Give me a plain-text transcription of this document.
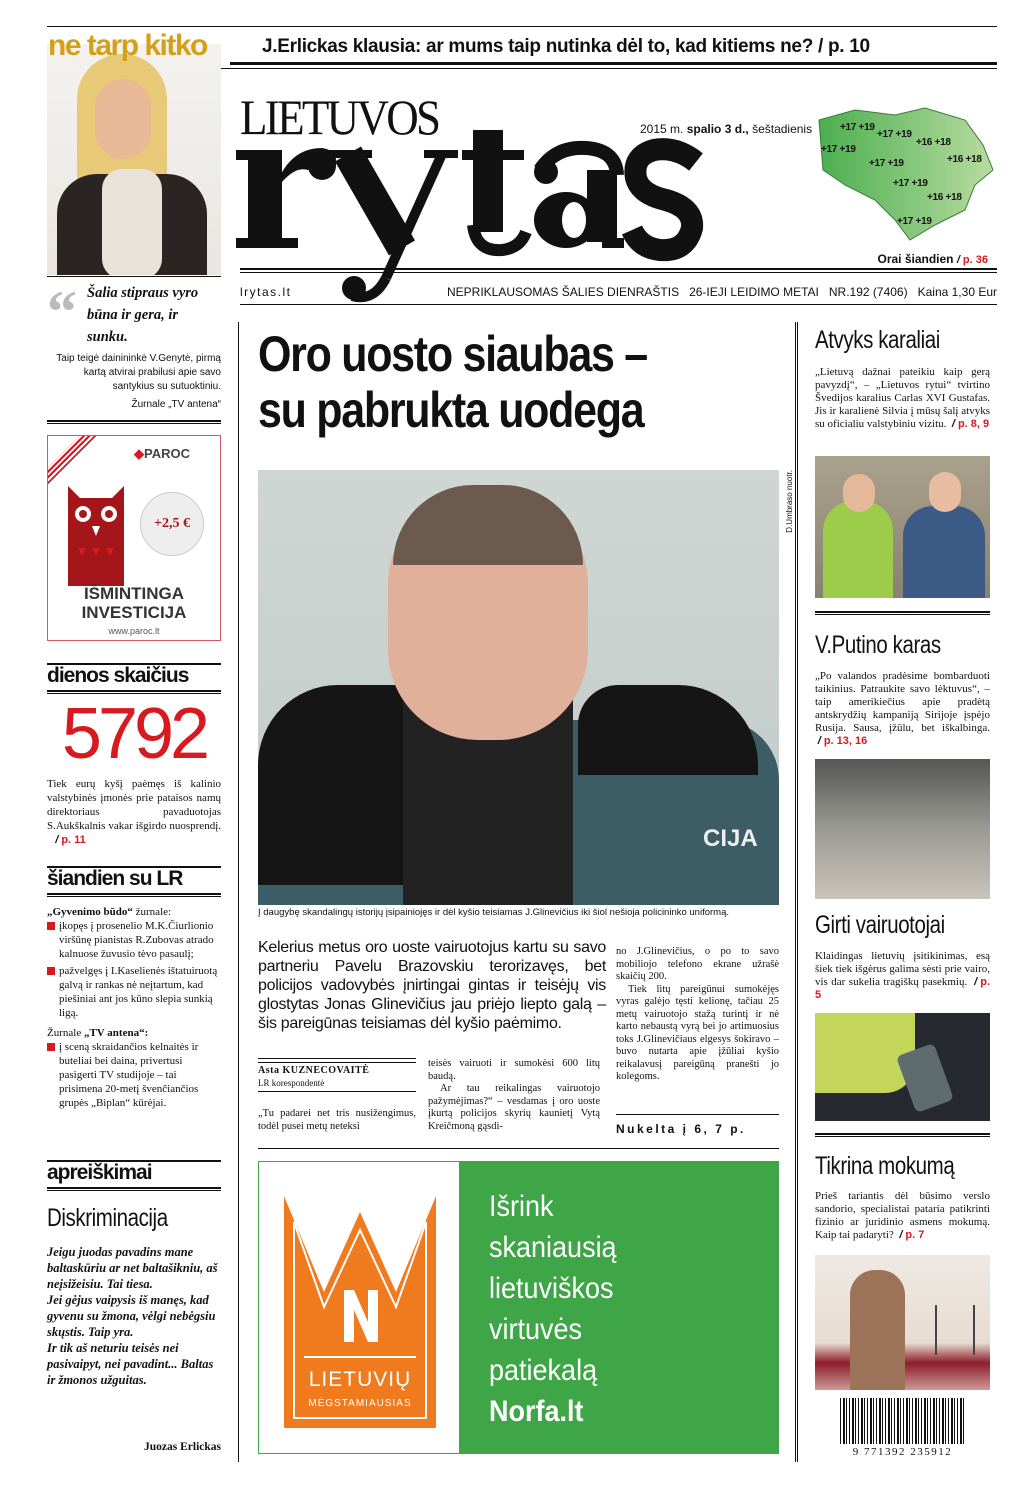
ne tarp kitko	J.Erlickas klausia: ar mums taip nutinka dėl to, kad kitiems ne? / p. 10
LIETUVOS	2015 m. spalio 3 d., šeštadienis	+17 +19
+17 +19
+16 +18
+17 +19
+16 +18
+17 +19
+17 +19
+16 +18
+17 +19
Orai šiandien / p. 36
lrytas.lt	NEPRIKLAUSOMAS ŠALIES DIENRAŠTIS 26-IEJI LEIDIMO METAI NR.192 (7406) Kaina 1,30 Eur
“ Šalia stipraus vyro būna ir gera, ir sunku.
Taip teigė dainininkė V.Genytė, pirmą kartą atvirai prabilusi apie savo santykius su sutuoktiniu.
Žurnale „TV antena“
◆PAROC
+2,5 €
IŠMINTINGA
INVESTICIJA
www.paroc.lt
dienos skaičius
5792
Tiek eurų kyšį paėmęs iš kalinio valstybinės įmonės prie pataisos namų direktoriaus pavaduotojas S.Aukškalnis vakar išgirdo nuosprendį.    / p. 11
šiandien su LR
„Gyvenimo būdo“ žurnale:
įkopęs į prosenelio M.K.Čiurlionio viršūnę pianistas R.Zubovas atrado kalnuose žuvusio tėvo pasaulį;
pažvelgęs į I.Kaselienės ištatuiruotą galvą ir rankas nė neįtartum, kad piešiniai ant jos kūno slepia sunkią ligą.
Žurnale „TV antena“:
į sceną skraidančios kelnaitės ir buteliai bei daina, privertusi pasigerti TV studijoje – tai prisimena 20-metį švenčiančios grupės „Biplan“ kūrėjai.
apreiškimai
Diskriminacija
Jeigu juodas pavadins mane baltaskūriu ar net baltašikniu, aš neįsižeisiu. Tai tiesa.
Jei gėjus vaipysis iš manęs, kad gyvenu su žmona, vėlgi nebėgsiu skųstis. Taip yra.
Ir tik aš neturiu teisės nei pasivaipyt, nei pavadint... Baltas ir žmonos užguitas.
Juozas Erlickas
Oro uosto siaubas –
su pabrukta uodega
CIJA
D.Umbraso nuotr.
Į daugybę skandalingų istorijų įsipainiojęs ir dėl kyšio teisiamas J.Glinevičius iki šiol nešioja policininko uniformą.
Kelerius metus oro uoste vairuotojus kartu su savo partneriu Pavelu Brazovskiu terorizavęs, bet policijos vadovybės įnirtingai gintas ir teisėjų vis glostytas Jonas Glinevičius jau priėjo liepto galą – šis pareigūnas teisiamas dėl kyšio paėmimo.
Asta KUZNECOVAITĖ
LR korespondentė
„Tu padarei net tris nusižengimus, todėl pusei metų neteksi
teisės vairuoti ir sumokėsi 600 litų baudą.
Ar tau reikalingas vairuotojo pažymėjimas?“ – vesdamas į oro uoste įkurtą policijos skyrių kaunietį Vytą Kreičmoną gąsdi-
no J.Glinevičius, o po to savo mobiliojo telefono ekrane užrašė skaičių 200.
Tiek litų pareigūnui sumokėjęs vyras galėjo tęsti kelionę, tačiau 25 metų vairuotojo stažą turintį ir nė karto nebaustą vyrą bei jo artimuosius toks J.Glinevičiaus elgesys šokiravo – buvo nutarta apie įžūliai kyšio reikalavusį pareigūną pranešti jo kolegoms.
Nukelta į 6, 7 p.
LIETUVIŲ
MĖGSTAMIAUSIAS
Išrink
skaniausią
lietuviškos
virtuvės
patiekalą
Norfa.lt
Atvyks karaliai
„Lietuvą dažnai pateikiu kaip gerą pavyzdį“, – „Lietuvos rytui“ tvirtino Švedijos karalius Carlas XVI Gustafas. Jis ir karalienė Silvia į mūsų šalį atvyks su oficialiu valstybiniu vizitu. / p. 8, 9
V.Putino karas
„Po valandos pradėsime bombarduoti taikinius. Patraukite savo lėktuvus“, – taip amerikiečius apie pradėtą antskrydžių kampaniją Sirijoje įspėjo Rusija. Sausa, įžūlu, bet iškalbinga.  / p. 13, 16
Girti vairuotojai
Klaidingas lietuvių įsitikinimas, esą šiek tiek išgėrus galima sėsti prie vairo, vis dar sukelia tragiškų pasekmių. / p. 5
Tikrina mokumą
Prieš tariantis dėl būsimo verslo sandorio, specialistai pataria patikrinti fizinio ar juridinio asmens mokumą. Kaip tai padaryti? / p. 7
9 771392 235912
